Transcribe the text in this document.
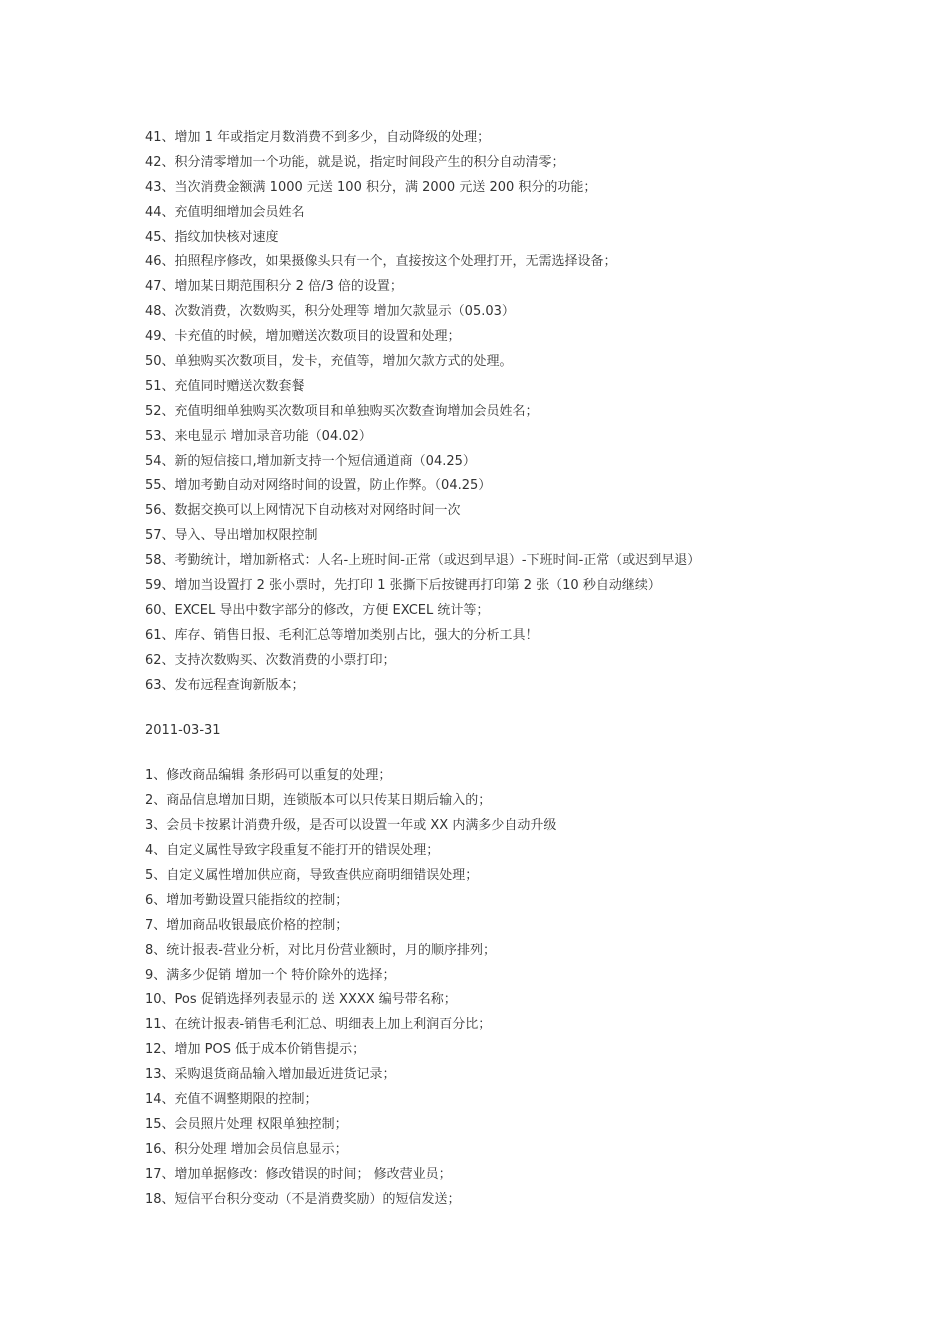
41、增加 1 年或指定月数消费不到多少，自动降级的处理；
42、积分清零增加一个功能，就是说，指定时间段产生的积分自动清零；
43、当次消费金额满 1000 元送 100 积分，满 2000 元送 200 积分的功能；
44、充值明细增加会员姓名
45、指纹加快核对速度
46、拍照程序修改，如果摄像头只有一个，直接按这个处理打开，无需选择设备；
47、增加某日期范围积分 2 倍/3 倍的设置；
48、次数消费，次数购买，积分处理等 增加欠款显示（05.03）
49、卡充值的时候，增加赠送次数项目的设置和处理；
50、单独购买次数项目，发卡，充值等，增加欠款方式的处理。
51、充值同时赠送次数套餐
52、充值明细单独购买次数项目和单独购买次数查询增加会员姓名；
53、来电显示 增加录音功能（04.02）
54、新的短信接口,增加新支持一个短信通道商（04.25）
55、增加考勤自动对网络时间的设置，防止作弊。（04.25）
56、数据交换可以上网情况下自动核对对网络时间一次
57、导入、导出增加权限控制
58、考勤统计，增加新格式：人名-上班时间-正常（或迟到早退）-下班时间-正常（或迟到早退）
59、增加当设置打 2 张小票时，先打印 1 张撕下后按键再打印第 2 张（10 秒自动继续）
60、EXCEL 导出中数字部分的修改，方便 EXCEL 统计等；
61、库存、销售日报、毛利汇总等增加类别占比，强大的分析工具！
62、支持次数购买、次数消费的小票打印；
63、发布远程查询新版本；
2011-03-31
1、修改商品编辑 条形码可以重复的处理；
2、商品信息增加日期，连锁版本可以只传某日期后输入的；
3、会员卡按累计消费升级，是否可以设置一年或 XX 内满多少自动升级
4、自定义属性导致字段重复不能打开的错误处理；
5、自定义属性增加供应商，导致查供应商明细错误处理；
6、增加考勤设置只能指纹的控制；
7、增加商品收银最底价格的控制；
8、统计报表-营业分析，对比月份营业额时，月的顺序排列；
9、满多少促销 增加一个 特价除外的选择；
10、Pos 促销选择列表显示的 送 XXXX 编号带名称；
11、在统计报表-销售毛利汇总、明细表上加上利润百分比；
12、增加 POS 低于成本价销售提示；
13、采购退货商品输入增加最近进货记录；
14、充值不调整期限的控制；
15、会员照片处理 权限单独控制；
16、积分处理 增加会员信息显示；
17、增加单据修改：修改错误的时间； 修改营业员；
18、短信平台积分变动（不是消费奖励）的短信发送；
